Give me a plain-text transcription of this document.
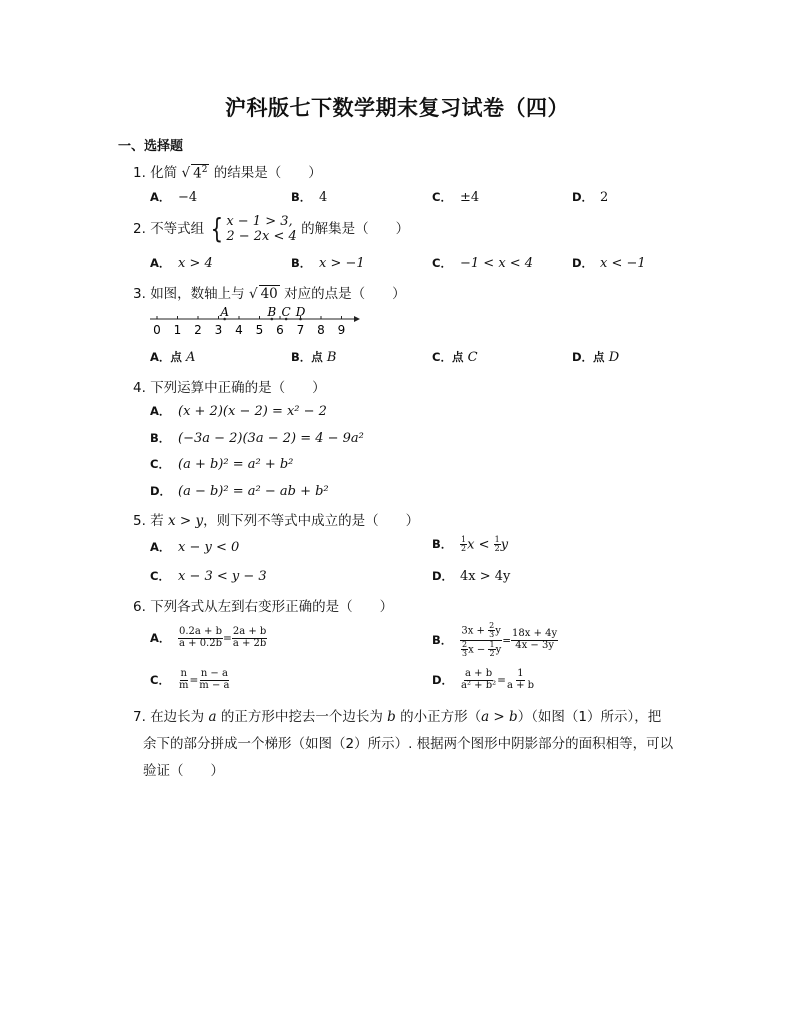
沪科版七下数学期末复习试卷（四）
一、选择题
1. 化简 √ $4^2$ 的结果是（　　）
A． −4	B． 4	C． ±4	D． 2
2. 不等式组 { x − 1 > 3,
2 − 2x < 4 的解集是（　　）
A． x > 4	B． x > −1	C． −1 < x < 4	D． x < −1
3. 如图，数轴上与 √ 40 对应的点是（　　）
0 1 2 3 4 5 6 7 8 9
A	B C D
A．点 A	B．点 B	C．点 C	D．点 D
4. 下列运算中正确的是（　　）
A． (x + 2)(x − 2) = x² − 2
B． (−3a − 2)(3a − 2) = 4 − 9a²
C． (a + b)² = a² + b²
D． (a − b)² = a² − ab + b²
5. 若 x > y，则下列不等式中成立的是（　　）
A． x − y < 0	B． $\frac{1}{2}$ $x < \frac{1}{2}$ y
C． x − 3 < y − 3	D． 4x > 4y
6. 下列各式从左到右变形正确的是（　　）
A． $\frac{0.2a + b}{a + 0.2b} = \frac{2a + b}{a + 2b}$	B． $\frac{3x + \frac{2}{3} y}{\frac{2}{3} x - \frac{1}{2} y} = \frac{18x + 4y}{4x - 3y}$
C． $\frac{n}{m} = \frac{n - a}{m - a}$	D． $\frac{a + b}{\text{a² + b²}} = \frac{1}{a + b}$
7. 在边长为 a 的正方形中挖去一个边长为 b 的小正方形（a > b）（如图（1）所示），把
余下的部分拼成一个梯形（如图（2）所示）. 根据两个图形中阴影部分的面积相等，可以
验证（　　）
